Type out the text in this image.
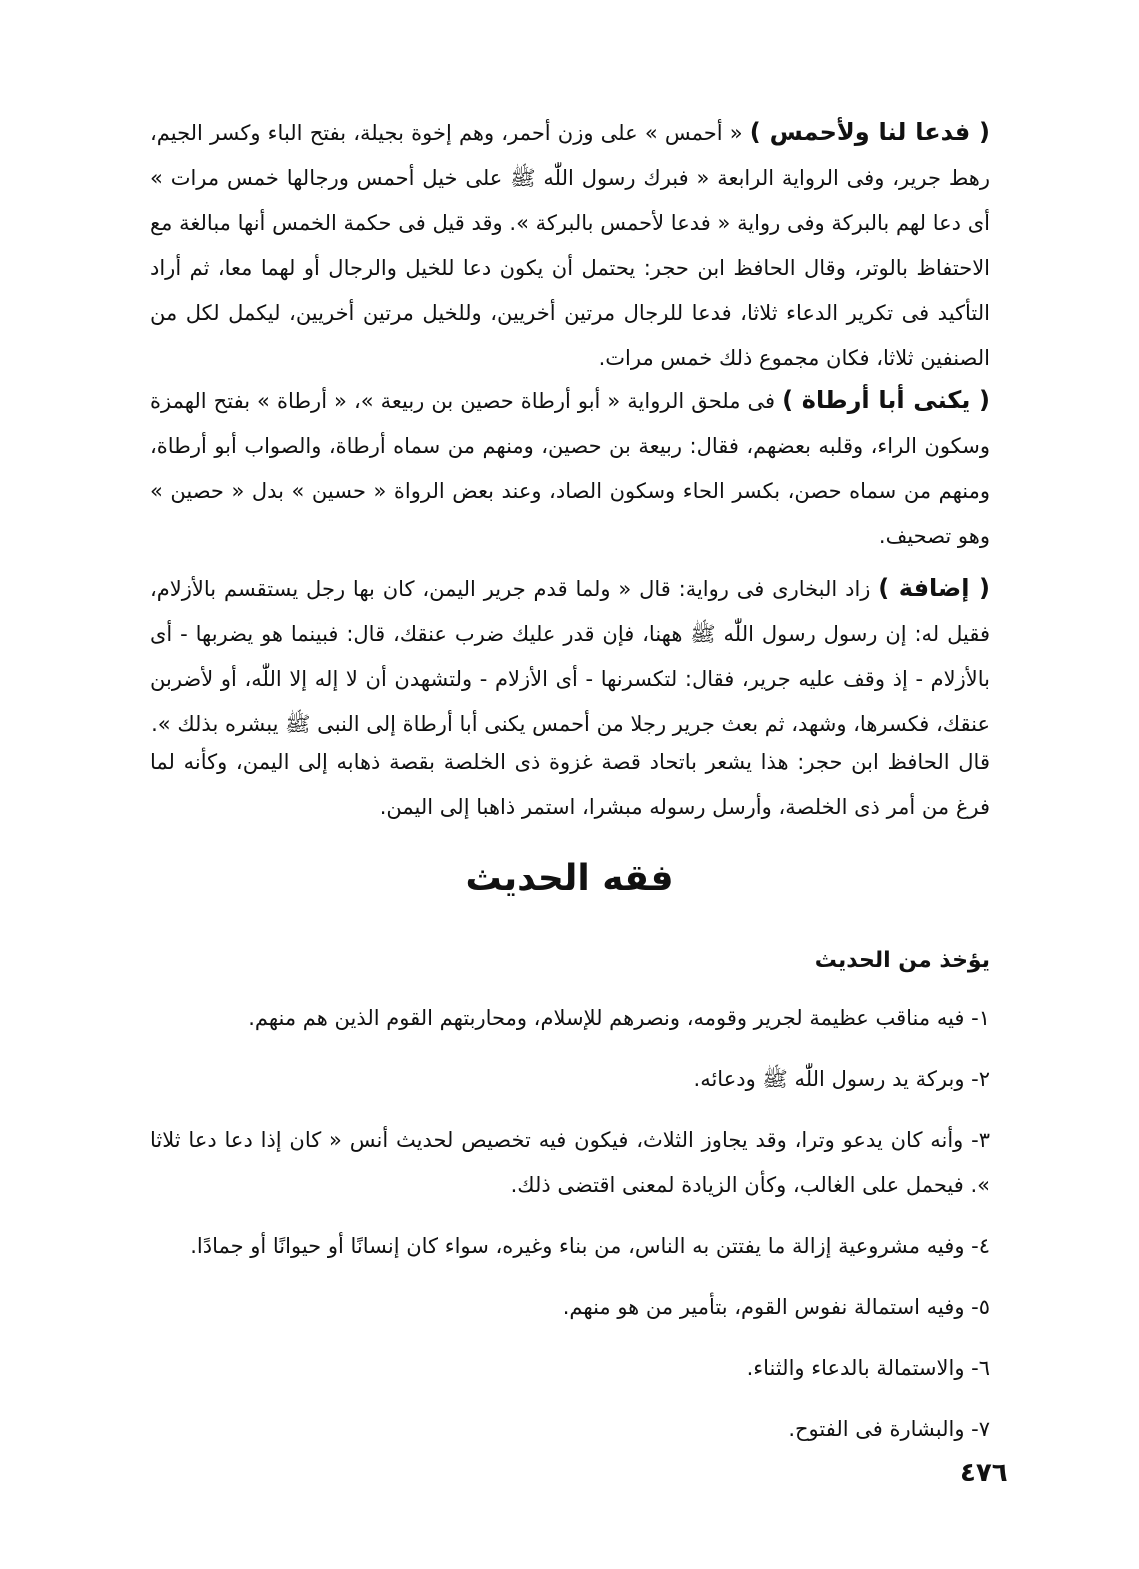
( فدعا لنا ولأحمس ) « أحمس » على وزن أحمر، وهم إخوة بجيلة، بفتح الباء وكسر الجيم، رهط جرير، وفى الرواية الرابعة « فبرك رسول اللّٰه ﷺ على خيل أحمس ورجالها خمس مرات » أى دعا لهم بالبركة وفى رواية « فدعا لأحمس بالبركة ». وقد قيل فى حكمة الخمس أنها مبالغة مع الاحتفاظ بالوتر، وقال الحافظ ابن حجر: يحتمل أن يكون دعا للخيل والرجال أو لهما معا، ثم أراد التأكيد فى تكرير الدعاء ثلاثا، فدعا للرجال مرتين أخريين، وللخيل مرتين أخريين، ليكمل لكل من الصنفين ثلاثا، فكان مجموع ذلك خمس مرات.

( يكنى أبا أرطاة ) فى ملحق الرواية « أبو أرطاة حصين بن ربيعة »، « أرطاة » بفتح الهمزة وسكون الراء، وقلبه بعضهم، فقال: ربيعة بن حصين، ومنهم من سماه أرطاة، والصواب أبو أرطاة، ومنهم من سماه حصن، بكسر الحاء وسكون الصاد، وعند بعض الرواة « حسين » بدل « حصين » وهو تصحيف.

( إضافة ) زاد البخارى فى رواية: قال « ولما قدم جرير اليمن، كان بها رجل يستقسم بالأزلام، فقيل له: إن رسول رسول اللّٰه ﷺ ههنا، فإن قدر عليك ضرب عنقك، قال: فبينما هو يضربها - أى بالأزلام - إذ وقف عليه جرير، فقال: لتكسرنها - أى الأزلام - ولتشهدن أن لا إله إلا اللّٰه، أو لأضربن عنقك، فكسرها، وشهد، ثم بعث جرير رجلا من أحمس يكنى أبا أرطاة إلى النبى ﷺ يبشره بذلك ».

قال الحافظ ابن حجر: هذا يشعر باتحاد قصة غزوة ذى الخلصة بقصة ذهابه إلى اليمن، وكأنه لما فرغ من أمر ذى الخلصة، وأرسل رسوله مبشرا، استمر ذاهبا إلى اليمن.

فقه الحديث
يؤخذ من الحديث
١- فيه مناقب عظيمة لجرير وقومه، ونصرهم للإسلام، ومحاربتهم القوم الذين هم منهم.
٢- وبركة يد رسول اللّٰه ﷺ ودعائه.
٣- وأنه كان يدعو وترا، وقد يجاوز الثلاث، فيكون فيه تخصيص لحديث أنس « كان إذا دعا دعا ثلاثا ». فيحمل على الغالب، وكأن الزيادة لمعنى اقتضى ذلك.
٤- وفيه مشروعية إزالة ما يفتتن به الناس، من بناء وغيره، سواء كان إنسانًا أو حيوانًا أو جمادًا.
٥- وفيه استمالة نفوس القوم، بتأمير من هو منهم.
٦- والاستمالة بالدعاء والثناء.
٧- والبشارة فى الفتوح.
٤٧٦
